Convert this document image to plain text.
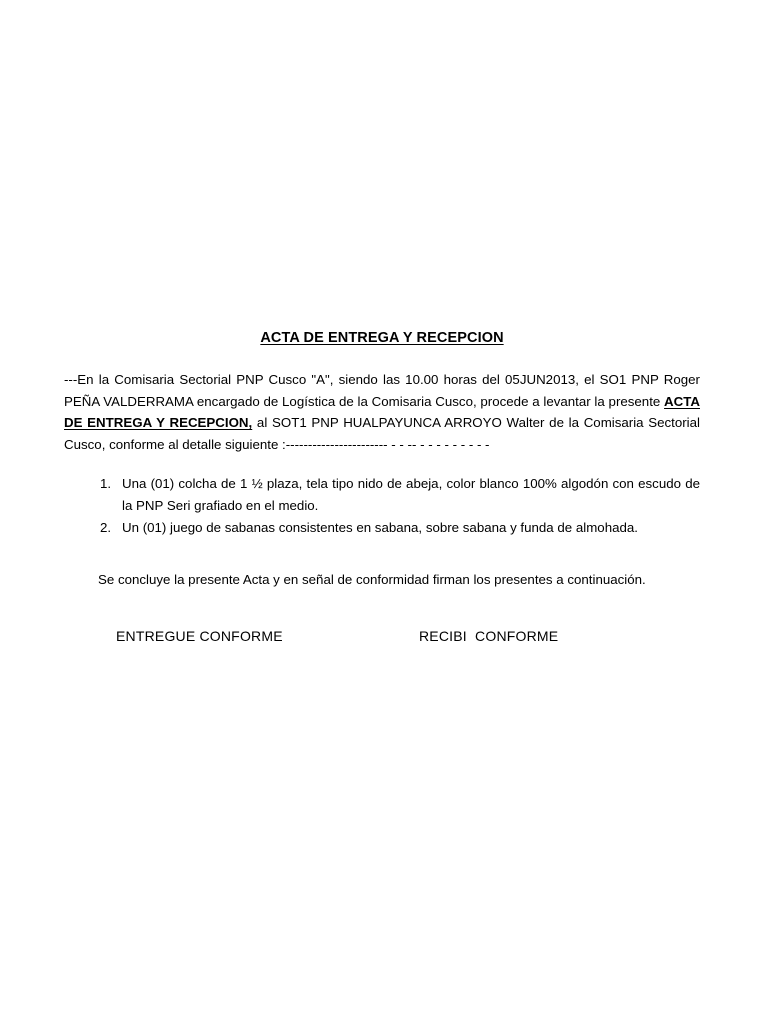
ACTA DE ENTREGA Y RECEPCION

---En la Comisaria Sectorial PNP Cusco "A", siendo las 10.00 horas del 05JUN2013, el SO1 PNP Roger PEÑA VALDERRAMA encargado de Logística de la Comisaria Cusco, procede a levantar la presente ACTA DE ENTREGA Y RECEPCION, al SOT1 PNP HUALPAYUNCA ARROYO Walter de la Comisaria Sectorial Cusco, conforme al detalle siguiente :----------------------- - - -- - - - - - - - - -

1. Una (01) colcha de 1 ½ plaza, tela tipo nido de abeja, color blanco 100% algodón con escudo de la PNP Seri grafiado en el medio.
2. Un (01) juego de sabanas consistentes en sabana, sobre sabana y funda de almohada.

Se concluye la presente Acta y en señal de conformidad firman los presentes a continuación.

ENTREGUE CONFORME	RECIBI  CONFORME
